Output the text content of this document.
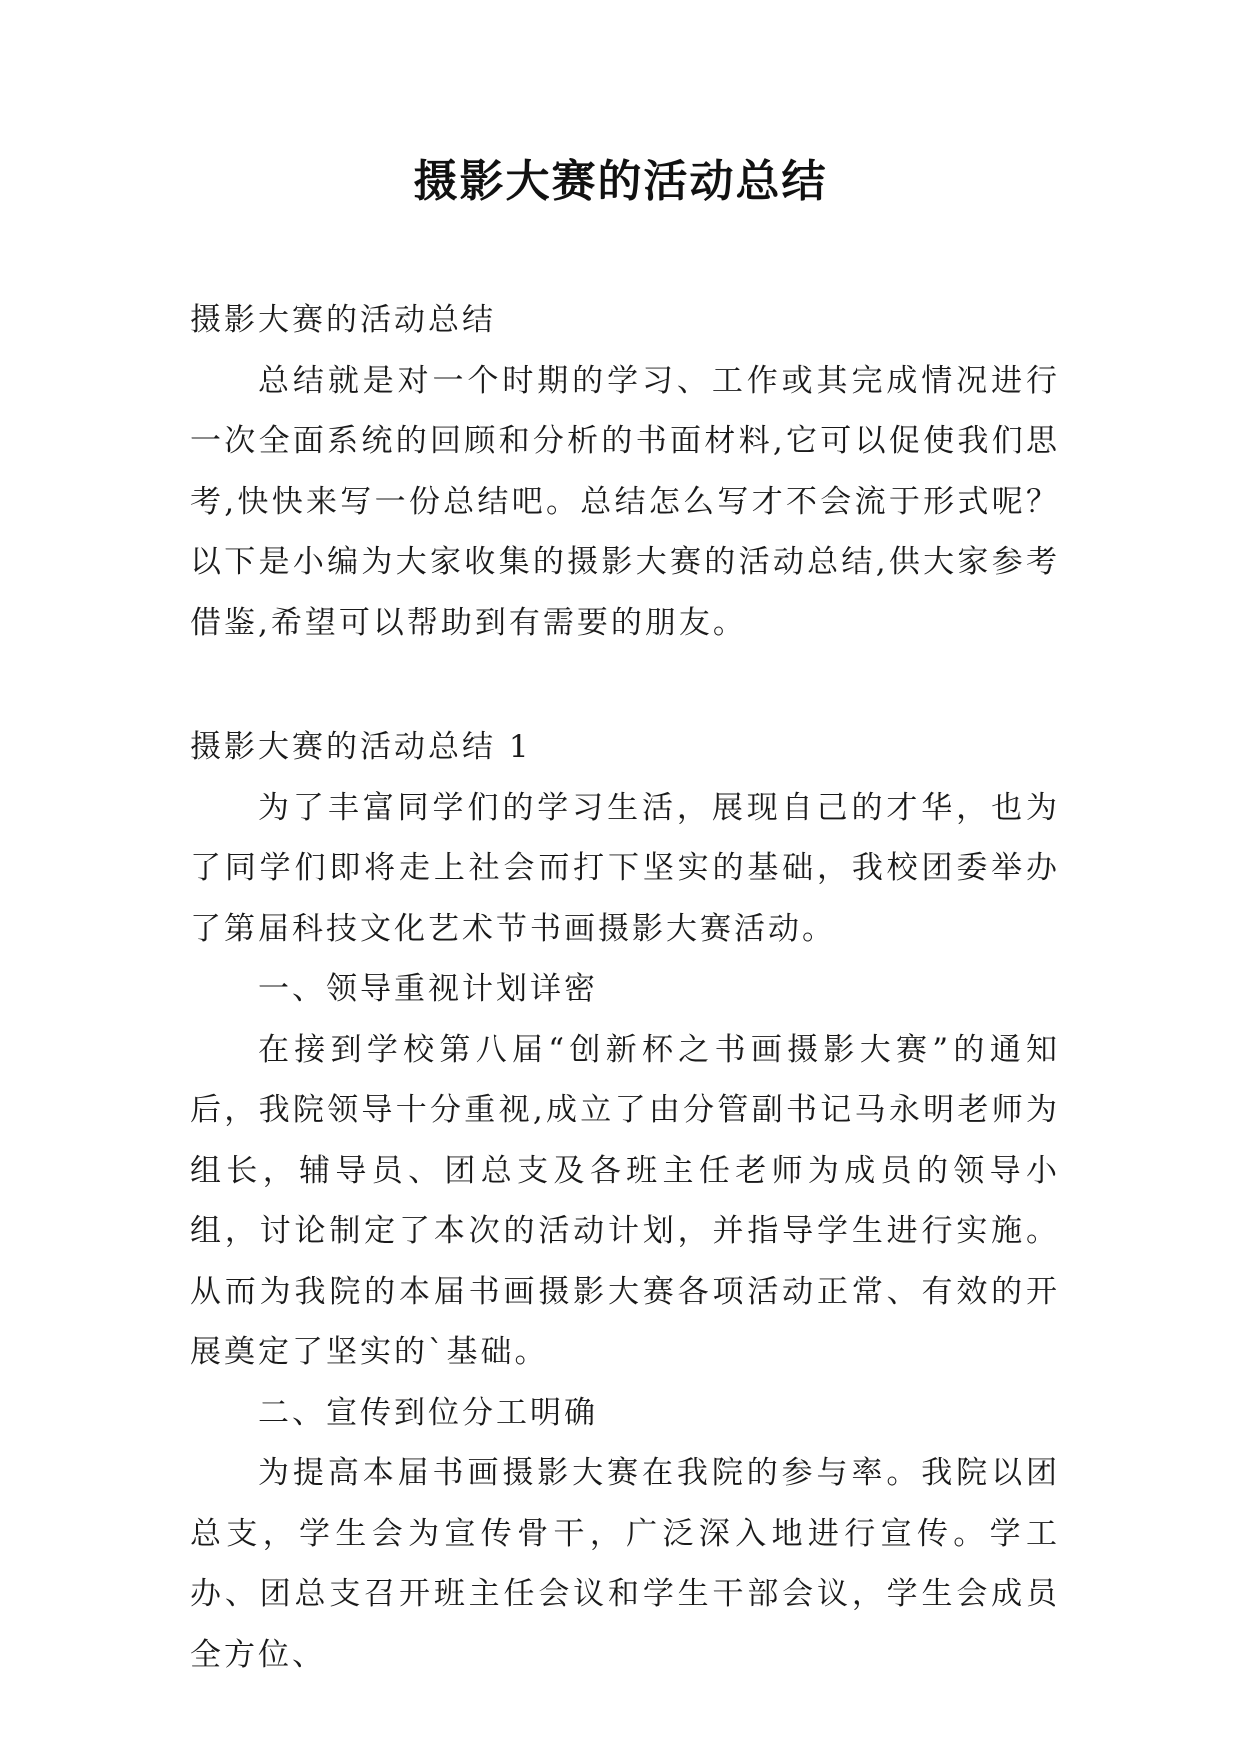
摄影大赛的活动总结

摄影大赛的活动总结

总结就是对一个时期的学习、工作或其完成情况进行一次全面系统的回顾和分析的书面材料,它可以促使我们思考,快快来写一份总结吧。总结怎么写才不会流于形式呢？以下是小编为大家收集的摄影大赛的活动总结,供大家参考借鉴,希望可以帮助到有需要的朋友。

摄影大赛的活动总结 1

为了丰富同学们的学习生活，展现自己的才华，也为了同学们即将走上社会而打下坚实的基础，我校团委举办了第届科技文化艺术节书画摄影大赛活动。

一、领导重视计划详密

在接到学校第八届“创新杯之书画摄影大赛”的通知后，我院领导十分重视,成立了由分管副书记马永明老师为组长，辅导员、团总支及各班主任老师为成员的领导小组，讨论制定了本次的活动计划，并指导学生进行实施。从而为我院的本届书画摄影大赛各项活动正常、有效的开展奠定了坚实的`基础。

二、宣传到位分工明确

为提高本届书画摄影大赛在我院的参与率。我院以团总支，学生会为宣传骨干，广泛深入地进行宣传。学工办、团总支召开班主任会议和学生干部会议，学生会成员全方位、
